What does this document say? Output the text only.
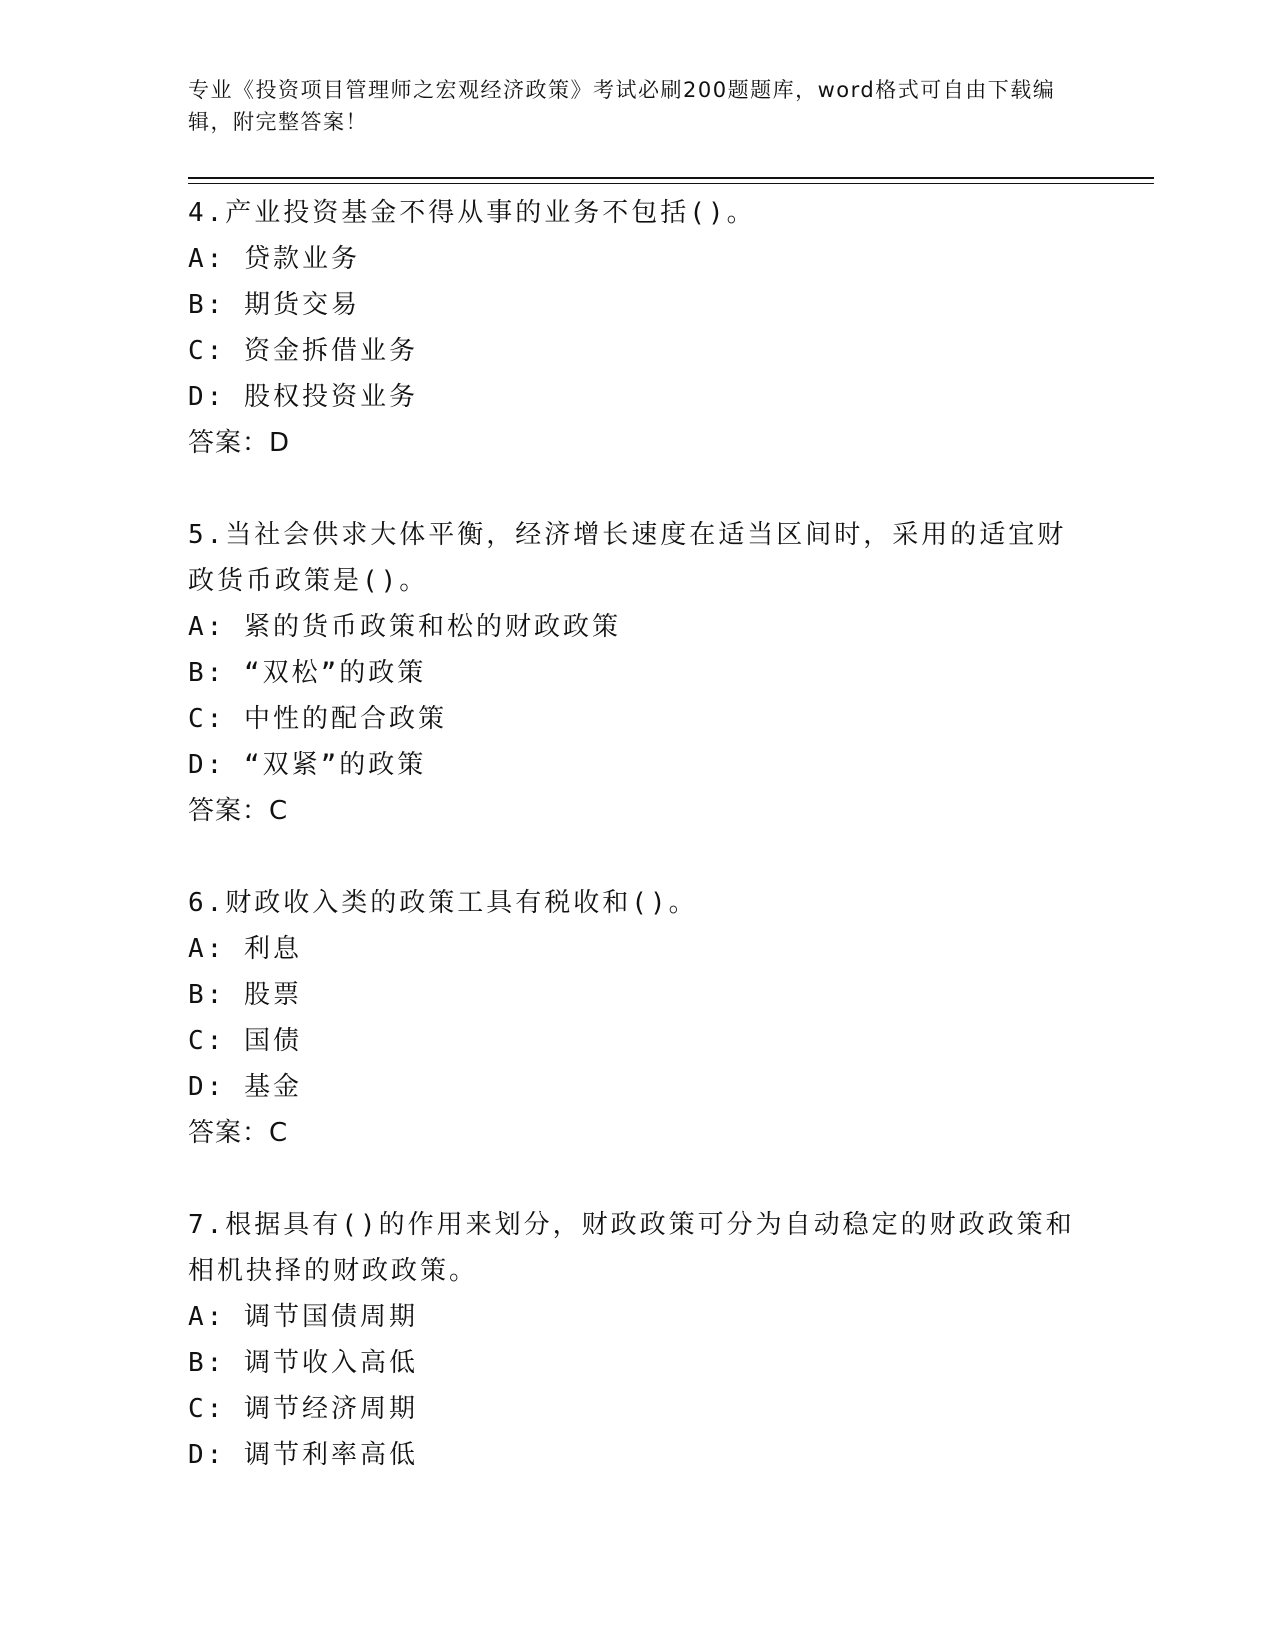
专业《投资项目管理师之宏观经济政策》考试必刷200题题库，word格式可自由下载编辑，附完整答案！
4.产业投资基金不得从事的业务不包括()。
A: 贷款业务
B: 期货交易
C: 资金拆借业务
D: 股权投资业务
答案：D
5.当社会供求大体平衡，经济增长速度在适当区间时，采用的适宜财政货币政策是()。
A: 紧的货币政策和松的财政政策
B: “双松”的政策
C: 中性的配合政策
D: “双紧”的政策
答案：C
6.财政收入类的政策工具有税收和()。
A: 利息
B: 股票
C: 国债
D: 基金
答案：C
7.根据具有()的作用来划分，财政政策可分为自动稳定的财政政策和相机抉择的财政政策。
A: 调节国债周期
B: 调节收入高低
C: 调节经济周期
D: 调节利率高低
